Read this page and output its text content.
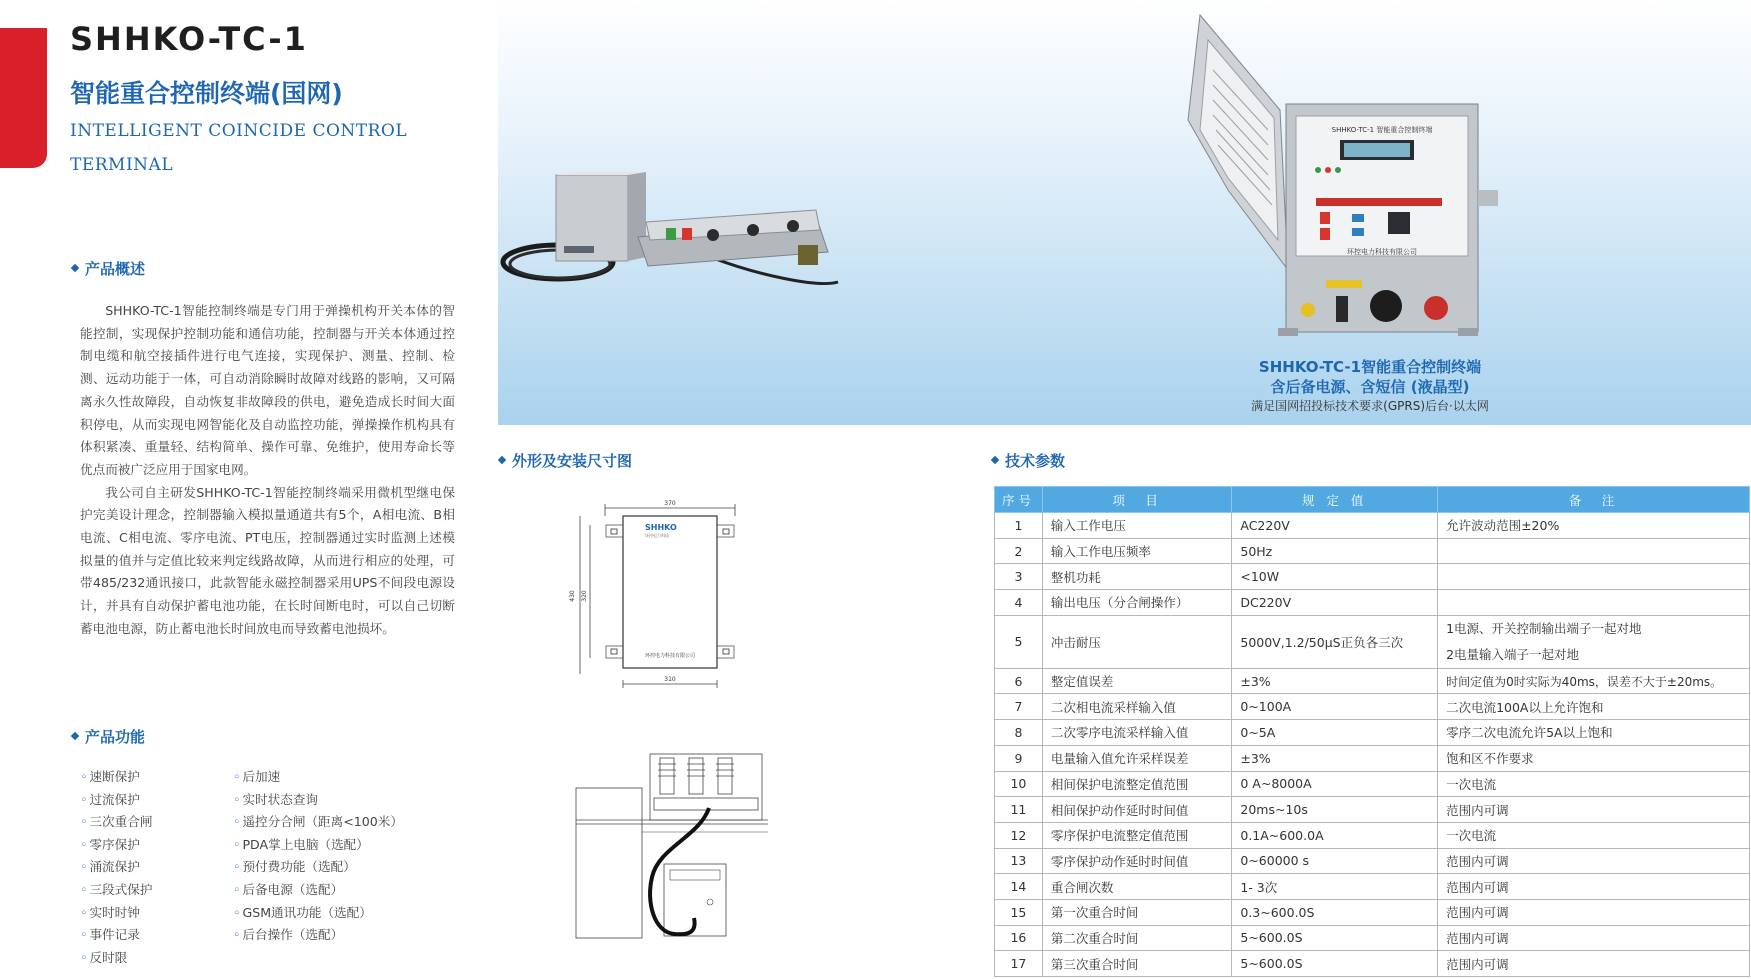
SHHKO-TC-1
智能重合控制终端(国网)
INTELLIGENT COINCIDE CONTROL TERMINAL
SHHKO-TC-1 智能重合控制终端
环控电力科技有限公司
SHHKO-TC-1智能重合控制终端
含后备电源、含短信 (液晶型)
满足国网招投标技术要求(GPRS)后台·以太网
产品概述

SHHKO-TC-1智能控制终端是专门用于弹操机构开关本体的智能控制，实现保护控制功能和通信功能，控制器与开关本体通过控制电缆和航空接插件进行电气连接，实现保护、测量、控制、检测、远动功能于一体，可自动消除瞬时故障对线路的影响，又可隔离永久性故障段，自动恢复非故障段的供电，避免造成长时间大面积停电，从而实现电网智能化及自动监控功能，弹操操作机构具有体积紧凑、重量轻、结构简单、操作可靠、免维护，使用寿命长等优点而被广泛应用于国家电网。

我公司自主研发SHHKO-TC-1智能控制终端采用微机型继电保护完美设计理念，控制器输入模拟量通道共有5个，A相电流、B相电流、C相电流、零序电流、PT电压，控制器通过实时监测上述模拟量的值并与定值比较来判定线路故障，从而进行相应的处理，可带485/232通讯接口，此款智能永磁控制器采用UPS不间段电源设计，并具有自动保护蓄电池功能，在长时间断电时，可以自己切断蓄电池电源，防止蓄电池长时间放电而导致蓄电池损坏。

产品功能
◦ 速断保护
◦ 过流保护
◦ 三次重合闸
◦ 零序保护
◦ 涌流保护
◦ 三段式保护
◦ 实时时钟
◦ 事件记录
◦ 反时限
◦ 后加速
◦ 实时状态查询
◦ 遥控分合闸（距离<100米）
◦ PDA掌上电脑（选配）
◦ 预付费功能（选配）
◦ 后备电源（选配）
◦ GSM通讯功能（选配）
◦ 后台操作（选配）
外形及安装尺寸图
370
SHHKO
环控电力科技
环控电力科技有限公司
430 320
310
技术参数
序号	项　目	规 定 值	备　注
1	输入工作电压	AC220V	允许波动范围±20%
2	输入工作电压频率	50Hz	
3	整机功耗	<10W	
4	输出电压（分合闸操作）	DC220V	
5	冲击耐压	5000V,1.2/50μS正负各三次	1电源、开关控制输出端子一起对地
2电量输入端子一起对地

6	整定值误差	±3%	时间定值为0时实际为40ms，误差不大于±20ms。
7	二次相电流采样输入值	0~100A	二次电流100A以上允许饱和
8	二次零序电流采样输入值	0~5A	零序二次电流允许5A以上饱和
9	电量输入值允许采样误差	±3%	饱和区不作要求
10	相间保护电流整定值范围	0 A~8000A	一次电流
11	相间保护动作延时时间值	20ms~10s	范围内可调
12	零序保护电流整定值范围	0.1A~600.0A	一次电流
13	零序保护动作延时时间值	0~60000 s	范围内可调
14	重合闸次数	1- 3次	范围内可调
15	第一次重合时间	0.3~600.0S	范围内可调
16	第二次重合时间	5~600.0S	范围内可调
17	第三次重合时间	5~600.0S	范围内可调
